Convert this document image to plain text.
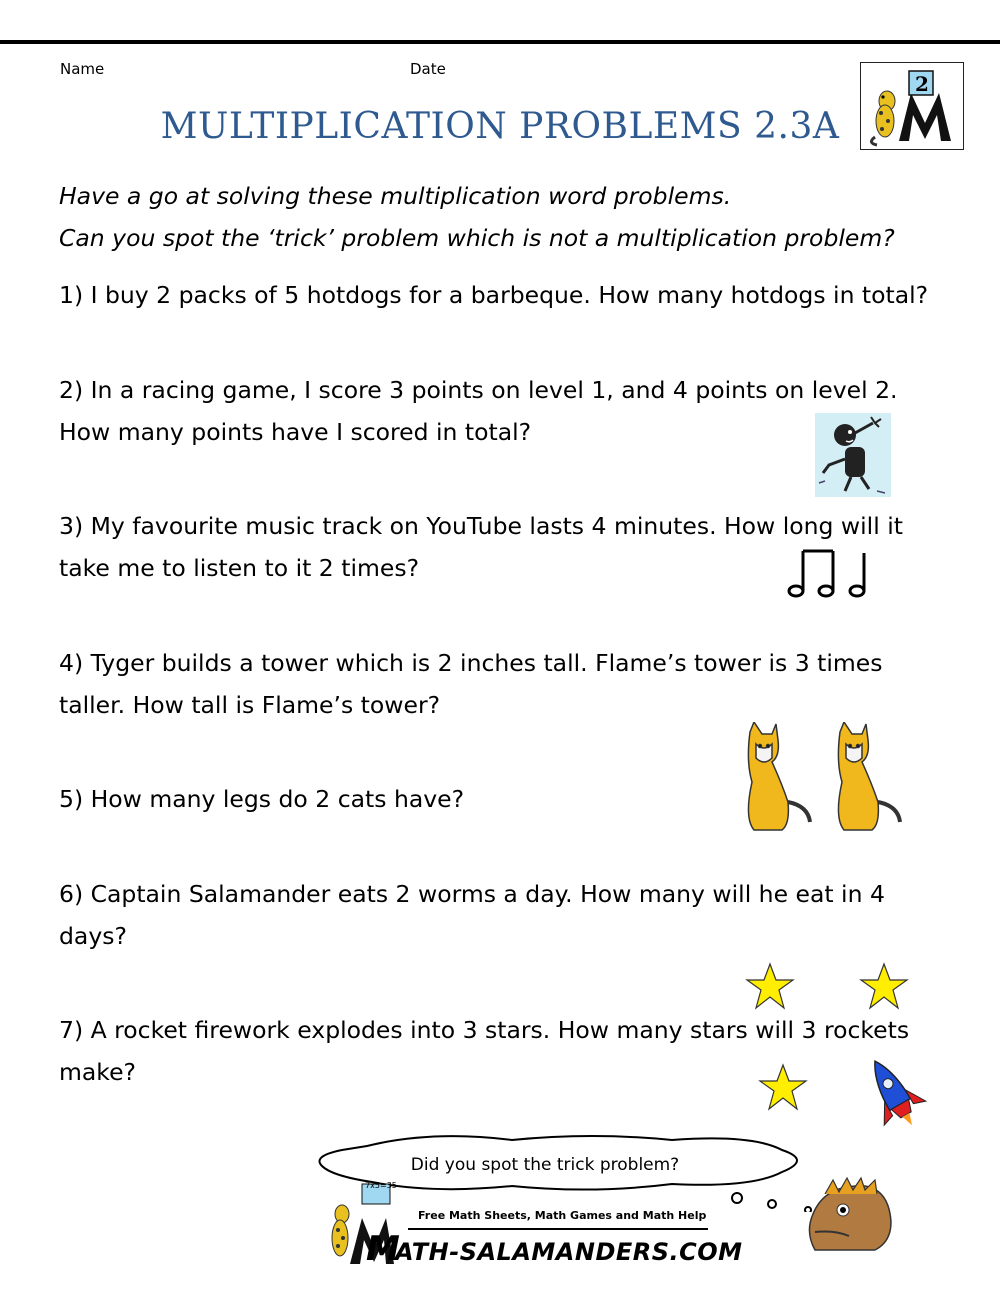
Name	Date
MULTIPLICATION PROBLEMS 2.3A
2
Have a go at solving these multiplication word problems.
Can you spot the ‘trick’ problem which is not a multiplication problem?
1) I buy 2 packs of 5 hotdogs for a barbeque. How many hotdogs in total?
2) In a racing game, I score 3 points on level 1, and 4 points on level 2. How many points have I scored in total?
3) My favourite music track on YouTube lasts 4 minutes. How long will it take me to listen to it 2 times?
4) Tyger builds a tower which is 2 inches tall. Flame’s tower is 3 times taller. How tall is Flame’s tower?
5) How many legs do 2 cats have?
6) Captain Salamander eats 2 worms a day. How many will he eat in 4 days?
7) A rocket firework explodes into 3 stars. How many stars will 3 rockets make?
Did you spot the trick problem?
7x5=35
Free Math Sheets, Math Games and Math Help
M
ATH-SALAMANDERS.COM
